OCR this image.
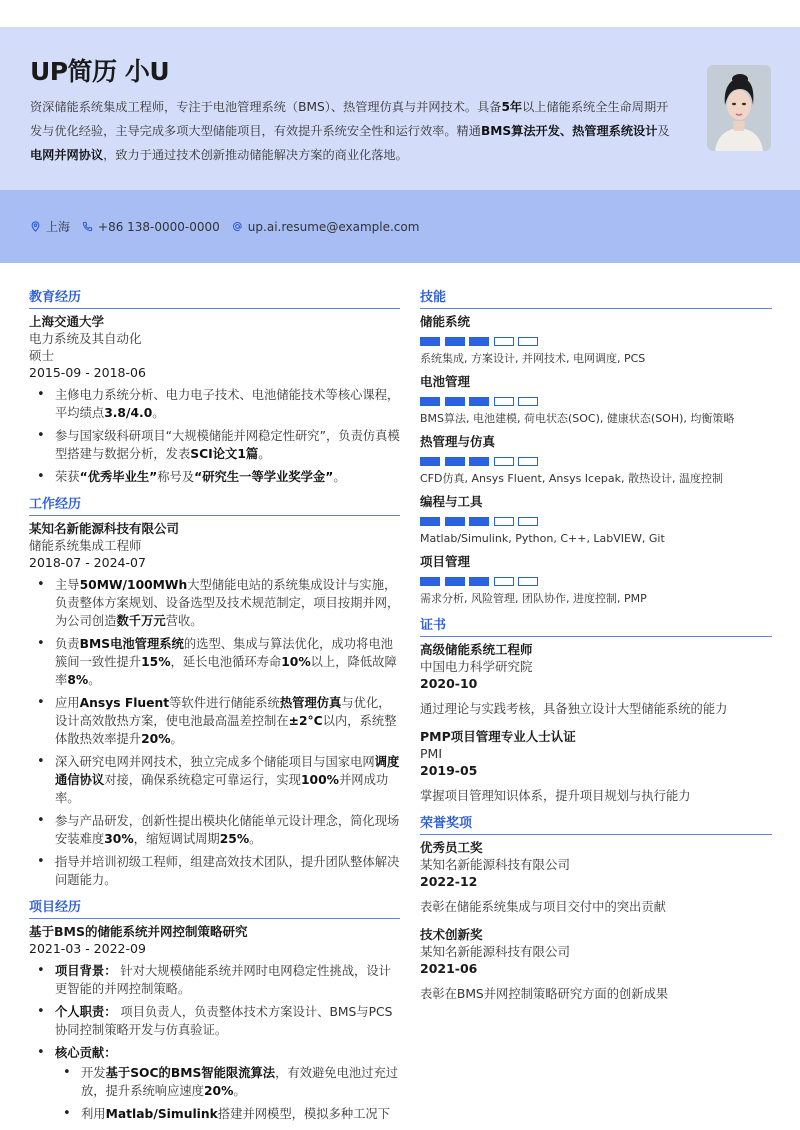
UP简历 小U

资深储能系统集成工程师，专注于电池管理系统（BMS）、热管理仿真与并网技术。具备5年以上储能系统全生命周期开发与优化经验，主导完成多项大型储能项目，有效提升系统安全性和运行效率。精通BMS算法开发、热管理系统设计及电网并网协议，致力于通过技术创新推动储能解决方案的商业化落地。

上海 +86 138-0000-0000 up.ai.resume@example.com
教育经历
上海交通大学
电力系统及其自动化
硕士
2015-09 - 2018-06
• 主修电力系统分析、电力电子技术、电池储能技术等核心课程，平均绩点3.8/4.0。
• 参与国家级科研项目“大规模储能并网稳定性研究”，负责仿真模型搭建与数据分析，发表SCI论文1篇。
• 荣获“优秀毕业生”称号及“研究生一等学业奖学金”。
工作经历
某知名新能源科技有限公司
储能系统集成工程师
2018-07 - 2024-07
• 主导50MW/100MWh大型储能电站的系统集成设计与实施，负责整体方案规划、设备选型及技术规范制定，项目按期并网，为公司创造数千万元营收。
• 负责BMS电池管理系统的选型、集成与算法优化，成功将电池簇间一致性提升15%，延长电池循环寿命10%以上，降低故障率8%。
• 应用Ansys Fluent等软件进行储能系统热管理仿真与优化，设计高效散热方案，使电池最高温差控制在±2°C以内，系统整体散热效率提升20%。
• 深入研究电网并网技术，独立完成多个储能项目与国家电网调度通信协议对接，确保系统稳定可靠运行，实现100%并网成功率。
• 参与产品研发，创新性提出模块化储能单元设计理念，简化现场安装难度30%，缩短调试周期25%。
• 指导并培训初级工程师，组建高效技术团队，提升团队整体解决问题能力。
项目经历
基于BMS的储能系统并网控制策略研究
2021-03 - 2022-09
• 项目背景： 针对大规模储能系统并网时电网稳定性挑战，设计更智能的并网控制策略。
• 个人职责： 项目负责人，负责整体技术方案设计、BMS与PCS协同控制策略开发与仿真验证。
• 核心贡献：
• 开发基于SOC的BMS智能限流算法，有效避免电池过充过放，提升系统响应速度20%。
• 利用Matlab/Simulink搭建并网模型，模拟多种工况下
技能
储能系统
系统集成, 方案设计, 并网技术, 电网调度, PCS
电池管理
BMS算法, 电池建模, 荷电状态(SOC), 健康状态(SOH), 均衡策略
热管理与仿真
CFD仿真, Ansys Fluent, Ansys Icepak, 散热设计, 温度控制
编程与工具
Matlab/Simulink, Python, C++, LabVIEW, Git
项目管理
需求分析, 风险管理, 团队协作, 进度控制, PMP
证书
高级储能系统工程师
中国电力科学研究院
2020-10
通过理论与实践考核，具备独立设计大型储能系统的能力
PMP项目管理专业人士认证
PMI
2019-05
掌握项目管理知识体系，提升项目规划与执行能力
荣誉奖项
优秀员工奖
某知名新能源科技有限公司
2022-12
表彰在储能系统集成与项目交付中的突出贡献
技术创新奖
某知名新能源科技有限公司
2021-06
表彰在BMS并网控制策略研究方面的创新成果
